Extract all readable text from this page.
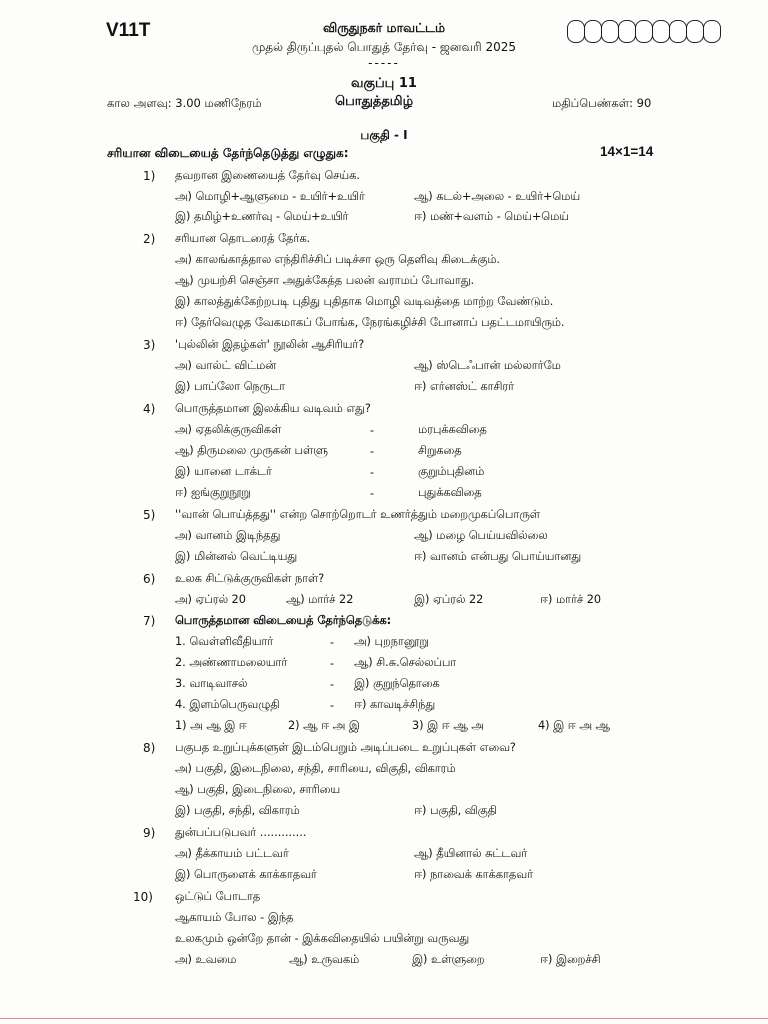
V11T	விருதுநகர் மாவட்டம்
முதல் திருப்புதல் பொதுத் தேர்வு - ஜனவரி 2025
-----
வகுப்பு 11
கால அளவு: 3.00 மணிநேரம்	பொதுத்தமிழ்	மதிப்பெண்கள்: 90
பகுதி - I
சரியான விடையைத் தேர்ந்தெடுத்து எழுதுக:	14×1=14
1) தவறான இணையைத் தேர்வு செய்க.
அ) மொழி+ஆளுமை - உயிர்+உயிர்	ஆ) கடல்+அலை - உயிர்+மெய்
இ) தமிழ்+உணர்வு - மெய்+உயிர்	ஈ) மண்+வளம் - மெய்+மெய்
2) சரியான தொடரைத் தேர்க.
அ) காலங்காத்தால எந்திரிச்சிப் படிச்சா ஒரு தெளிவு கிடைக்கும்.
ஆ) முயற்சி செஞ்சா அதுக்கேத்த பலன் வராமப் போவாது.
இ) காலத்துக்கேற்றபடி புதிது புதிதாக மொழி வடிவத்தை மாற்ற வேண்டும்.
ஈ) தேர்வெழுத வேகமாகப் போங்க, நேரங்கழிச்சி போனாப் பதட்டமாயிரும்.
3) 'புல்லின் இதழ்கள்' நூலின் ஆசிரியர்?
அ) வால்ட் விட்மன்	ஆ) ஸ்டெஃபான் மல்லார்மே
இ) பாப்லோ நெருடா	ஈ) எர்னஸ்ட் காசிரர்
4) பொருத்தமான இலக்கிய வடிவம் எது?
அ) ஏதலிக்குருவிகள்	-	மரபுக்கவிதை
ஆ) திருமலை முருகன் பள்ளு	-	சிறுகதை
இ) யானை டாக்டர்	-	குறும்புதினம்
ஈ) ஐங்குறுநூறு	-	புதுக்கவிதை
5) ''வான் பொய்த்தது'' என்ற சொற்றொடர் உணர்த்தும் மறைமுகப்பொருள்
அ) வானம் இடிந்தது	ஆ) மழை பெய்யவில்லை
இ) மின்னல் வெட்டியது	ஈ) வானம் என்பது பொய்யானது
6) உலக சிட்டுக்குருவிகள் நாள்?
அ) ஏப்ரல் 20	ஆ) மார்ச் 22	இ) ஏப்ரல் 22	ஈ) மார்ச் 20
7) பொருத்தமான விடையைத் தேர்ந்தெடுக்க:
1. வெள்ளிவீதியார்	- அ) புறநானூறு
2. அண்ணாமலையார்	- ஆ) சி.சு.செல்லப்பா
3. வாடிவாசல்	- இ) குறுந்தொகை
4. இளம்பெருவழுதி	- ஈ) காவடிச்சிந்து
1) அ ஆ இ ஈ	2) ஆ ஈ அ இ	3) இ ஈ ஆ அ	4) இ ஈ அ ஆ
8) பகுபத உறுப்புக்களுள் இடம்பெறும் அடிப்படை உறுப்புகள் எவை?
அ) பகுதி, இடைநிலை, சந்தி, சாரியை, விகுதி, விகாரம்
ஆ) பகுதி, இடைநிலை, சாரியை
இ) பகுதி, சந்தி, விகாரம்	ஈ) பகுதி, விகுதி
9) துன்பப்படுபவர் .............
அ) தீக்காயம் பட்டவர்	ஆ) தீயினால் சுட்டவர்
இ) பொருளைக் காக்காதவர்	ஈ) நாவைக் காக்காதவர்
10) ஒட்டுப் போடாத
ஆகாயம் போல - இந்த
உலகமும் ஒன்றே தான் - இக்கவிதையில் பயின்று வருவது
அ) உவமை	ஆ) உருவகம்	இ) உள்ளுறை	ஈ) இறைச்சி
